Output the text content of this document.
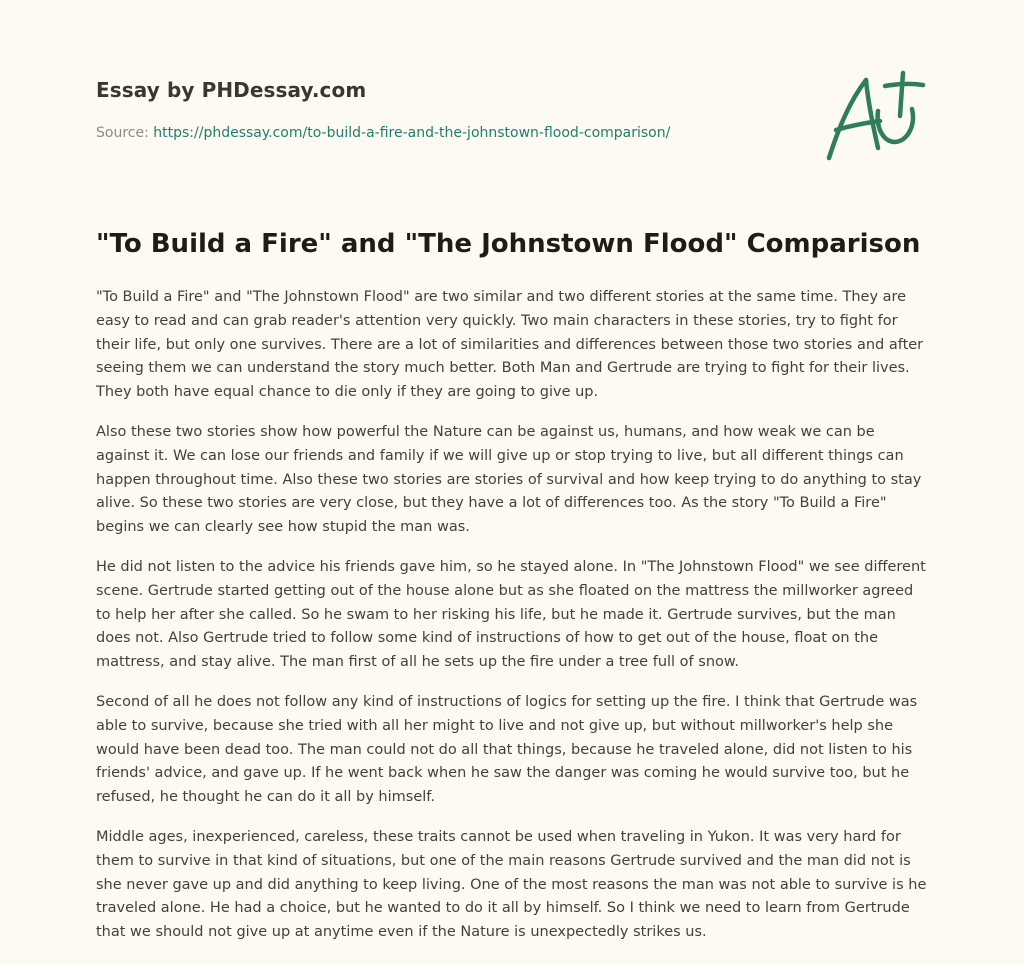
Essay by PHDessay.com
Source: https://phdessay.com/to-build-a-fire-and-the-johnstown-flood-comparison/
"To Build a Fire" and "The Johnstown Flood" Comparison

"To Build a Fire" and "The Johnstown Flood" are two similar and two different stories at the same time. They are easy to read and can grab reader's attention very quickly. Two main characters in these stories, try to fight for their life, but only one survives. There are a lot of similarities and differences between those two stories and after seeing them we can understand the story much better. Both Man and Gertrude are trying to fight for their lives. They both have equal chance to die only if they are going to give up.

Also these two stories show how powerful the Nature can be against us, humans, and how weak we can be against it. We can lose our friends and family if we will give up or stop trying to live, but all different things can happen throughout time. Also these two stories are stories of survival and how keep trying to do anything to stay alive. So these two stories are very close, but they have a lot of differences too. As the story "To Build a Fire" begins we can clearly see how stupid the man was.

He did not listen to the advice his friends gave him, so he stayed alone. In "The Johnstown Flood" we see different scene. Gertrude started getting out of the house alone but as she floated on the mattress the millworker agreed to help her after she called. So he swam to her risking his life, but he made it. Gertrude survives, but the man does not. Also Gertrude tried to follow some kind of instructions of how to get out of the house, float on the mattress, and stay alive. The man first of all he sets up the fire under a tree full of snow.

Second of all he does not follow any kind of instructions of logics for setting up the fire. I think that Gertrude was able to survive, because she tried with all her might to live and not give up, but without millworker's help she would have been dead too. The man could not do all that things, because he traveled alone, did not listen to his friends' advice, and gave up. If he went back when he saw the danger was coming he would survive too, but he refused, he thought he can do it all by himself.

Middle ages, inexperienced, careless, these traits cannot be used when traveling in Yukon. It was very hard for them to survive in that kind of situations, but one of the main reasons Gertrude survived and the man did not is she never gave up and did anything to keep living. One of the most reasons the man was not able to survive is he traveled alone. He had a choice, but he wanted to do it all by himself. So I think we need to learn from Gertrude that we should not give up at anytime even if the Nature is unexpectedly strikes us.
